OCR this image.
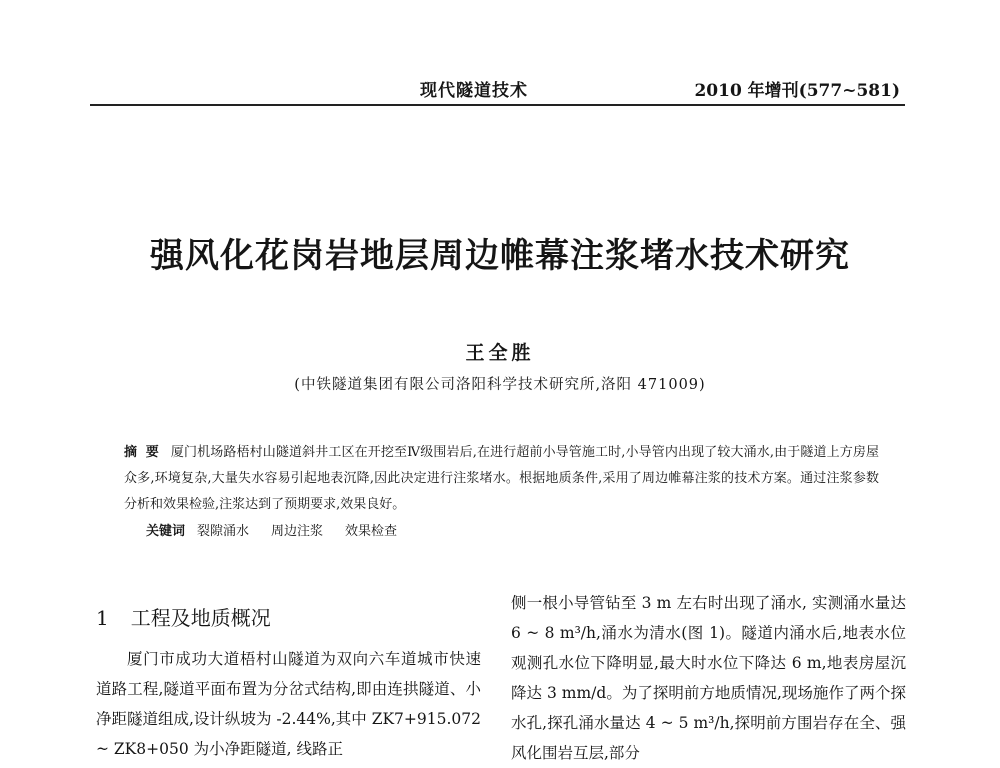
现代隧道技术	2010 年增刊(577~581)
强风化花岗岩地层周边帷幕注浆堵水技术研究
王全胜
(中铁隧道集团有限公司洛阳科学技术研究所,洛阳 471009)
摘 要 厦门机场路梧村山隧道斜井工区在开挖至Ⅳ级围岩后,在进行超前小导管施工时,小导管内出现了较大涌水,由于隧道上方房屋众多,环境复杂,大量失水容易引起地表沉降,因此决定进行注浆堵水。根据地质条件,采用了周边帷幕注浆的技术方案。通过注浆参数分析和效果检验,注浆达到了预期要求,效果良好。
关键词 裂隙涌水 周边注浆 效果检查
1 工程及地质概况
厦门市成功大道梧村山隧道为双向六车道城市快速道路工程,隧道平面布置为分岔式结构,即由连拱隧道、小净距隧道组成,设计纵坡为 -2.44%,其中 ZK7+915.072 ~ ZK8+050 为小净距隧道, 线路正
侧一根小导管钻至 3 m 左右时出现了涌水, 实测涌水量达 6 ~ 8 m³/h,涌水为清水(图 1)。隧道内涌水后,地表水位观测孔水位下降明显,最大时水位下降达 6 m,地表房屋沉降达 3 mm/d。为了探明前方地质情况,现场施作了两个探水孔,探孔涌水量达 4 ~ 5 m³/h,探明前方围岩存在全、强风化围岩互层,部分
